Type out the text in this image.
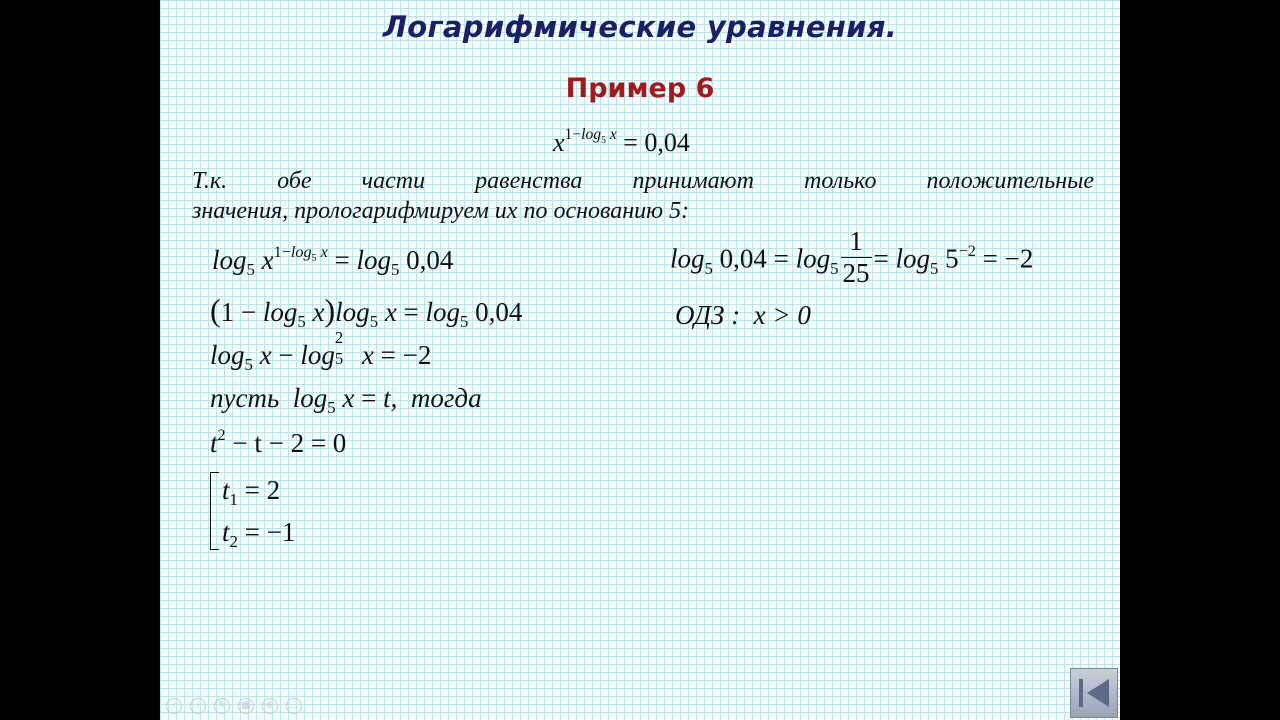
Логарифмические уравнения.
Пример 6
$x^{1-log_5 x} = 0,04$
Т.к. обе части равенства принимают только положительные
значения, прологарифмируем их по основанию 5:
$\log_5 x^{1-log_5 x} = \log_5 0,04$
$(1 - \log_5 x)\log_5$ $x = \log_5 0,04$
$\log_5 x - \log$
2
5 x = −2
пусть $\log_5 x = t$, тогда
$t^2 - t - 2 = 0$
$t_1 = 2$
$t_2 = -1$
$\log_5 0,04 = \log_5 \frac{1}{25} = \log_5 5^{-2} = -2$
ОДЗ : x > 0
‹	›	✎	▦	⊕	…
